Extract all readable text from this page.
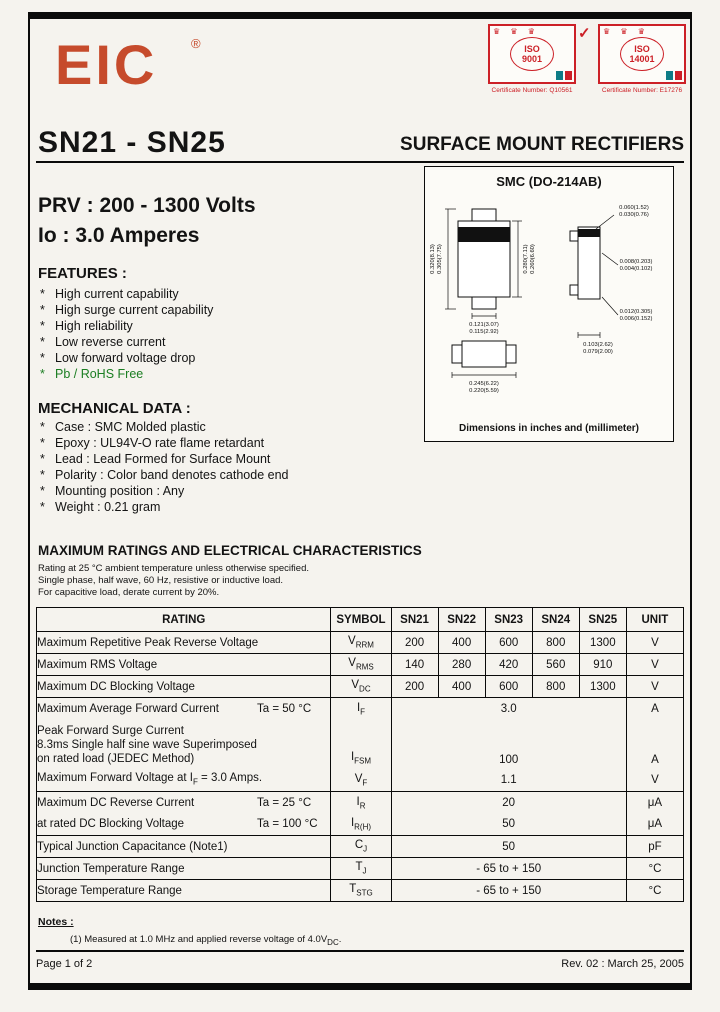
EIC	®
♛ ♛ ♛
ISO
9001
Certificate Number: Q10561
✓	♛ ♛ ♛
ISO
14001
Certificate Number: E17276
SN21 - SN25	SURFACE MOUNT RECTIFIERS
PRV : 200 - 1300 Volts
Io : 3.0 Amperes
FEATURES :
* High current capability
* High surge current capability
* High reliability
* Low reverse current
* Low forward voltage drop
* Pb / RoHS Free
MECHANICAL DATA :
* Case : SMC Molded plastic
* Epoxy : UL94V-O rate flame retardant
* Lead : Lead Formed for Surface Mount
* Polarity : Color band denotes cathode end
* Mounting position : Any
* Weight : 0.21 gram
SMC (DO-214AB)
0.320(8.13) 0.305(7.75)	0.280(7.11) 0.260(6.60)
0.121(3.07)
0.115(2.92)
0.245(6.22)
0.220(5.59)
0.060(1.52)
0.030(0.76)
0.008(0.203)
0.004(0.102)
0.012(0.305)
0.006(0.152)
0.103(2.62)
0.079(2.00)
Dimensions in inches and (millimeter)
MAXIMUM RATINGS AND ELECTRICAL CHARACTERISTICS
Rating at 25 °C ambient temperature unless otherwise specified.
Single phase, half wave, 60 Hz, resistive or inductive load.
For capacitive load, derate current by 20%.
RATING	SYMBOL	SN21	SN22	SN23	SN24	SN25	UNIT
Maximum Repetitive Peak Reverse Voltage	$V_{RRM}$	200	400	600	800	1300	V
Maximum RMS Voltage	$V_{RMS}$	140	280	420	560	910	V
Maximum DC Blocking Voltage	$V_{DC}$	200	400	600	800	1300	V
Maximum Average Forward Current Ta = 50 °C	$I_F$	3.0					A

Peak Forward Surge Current
8.3ms Single half sine wave Superimposed
on rated load (JEDEC Method)	$I_{FSM}$	100					A
Maximum Forward Voltage at $I_F = 3.0$ Amps.	$V_F$	1.1					V
Maximum DC Reverse Current Ta = 25 °C	$I_R$	20					μA
at rated DC Blocking Voltage Ta = 100 °C	$I_{R(H)}$	50					μA
Typical Junction Capacitance (Note1)	$C_J$	50					pF
Junction Temperature Range	$T_J$	- 65 to + 150					°C
Storage Temperature Range	$T_{STG}$	- 65 to + 150					°C
Notes :
(1) Measured at 1.0 MHz and applied reverse voltage of $4.0V_{DC}$.
Page 1 of 2	Rev. 02 : March 25, 2005
